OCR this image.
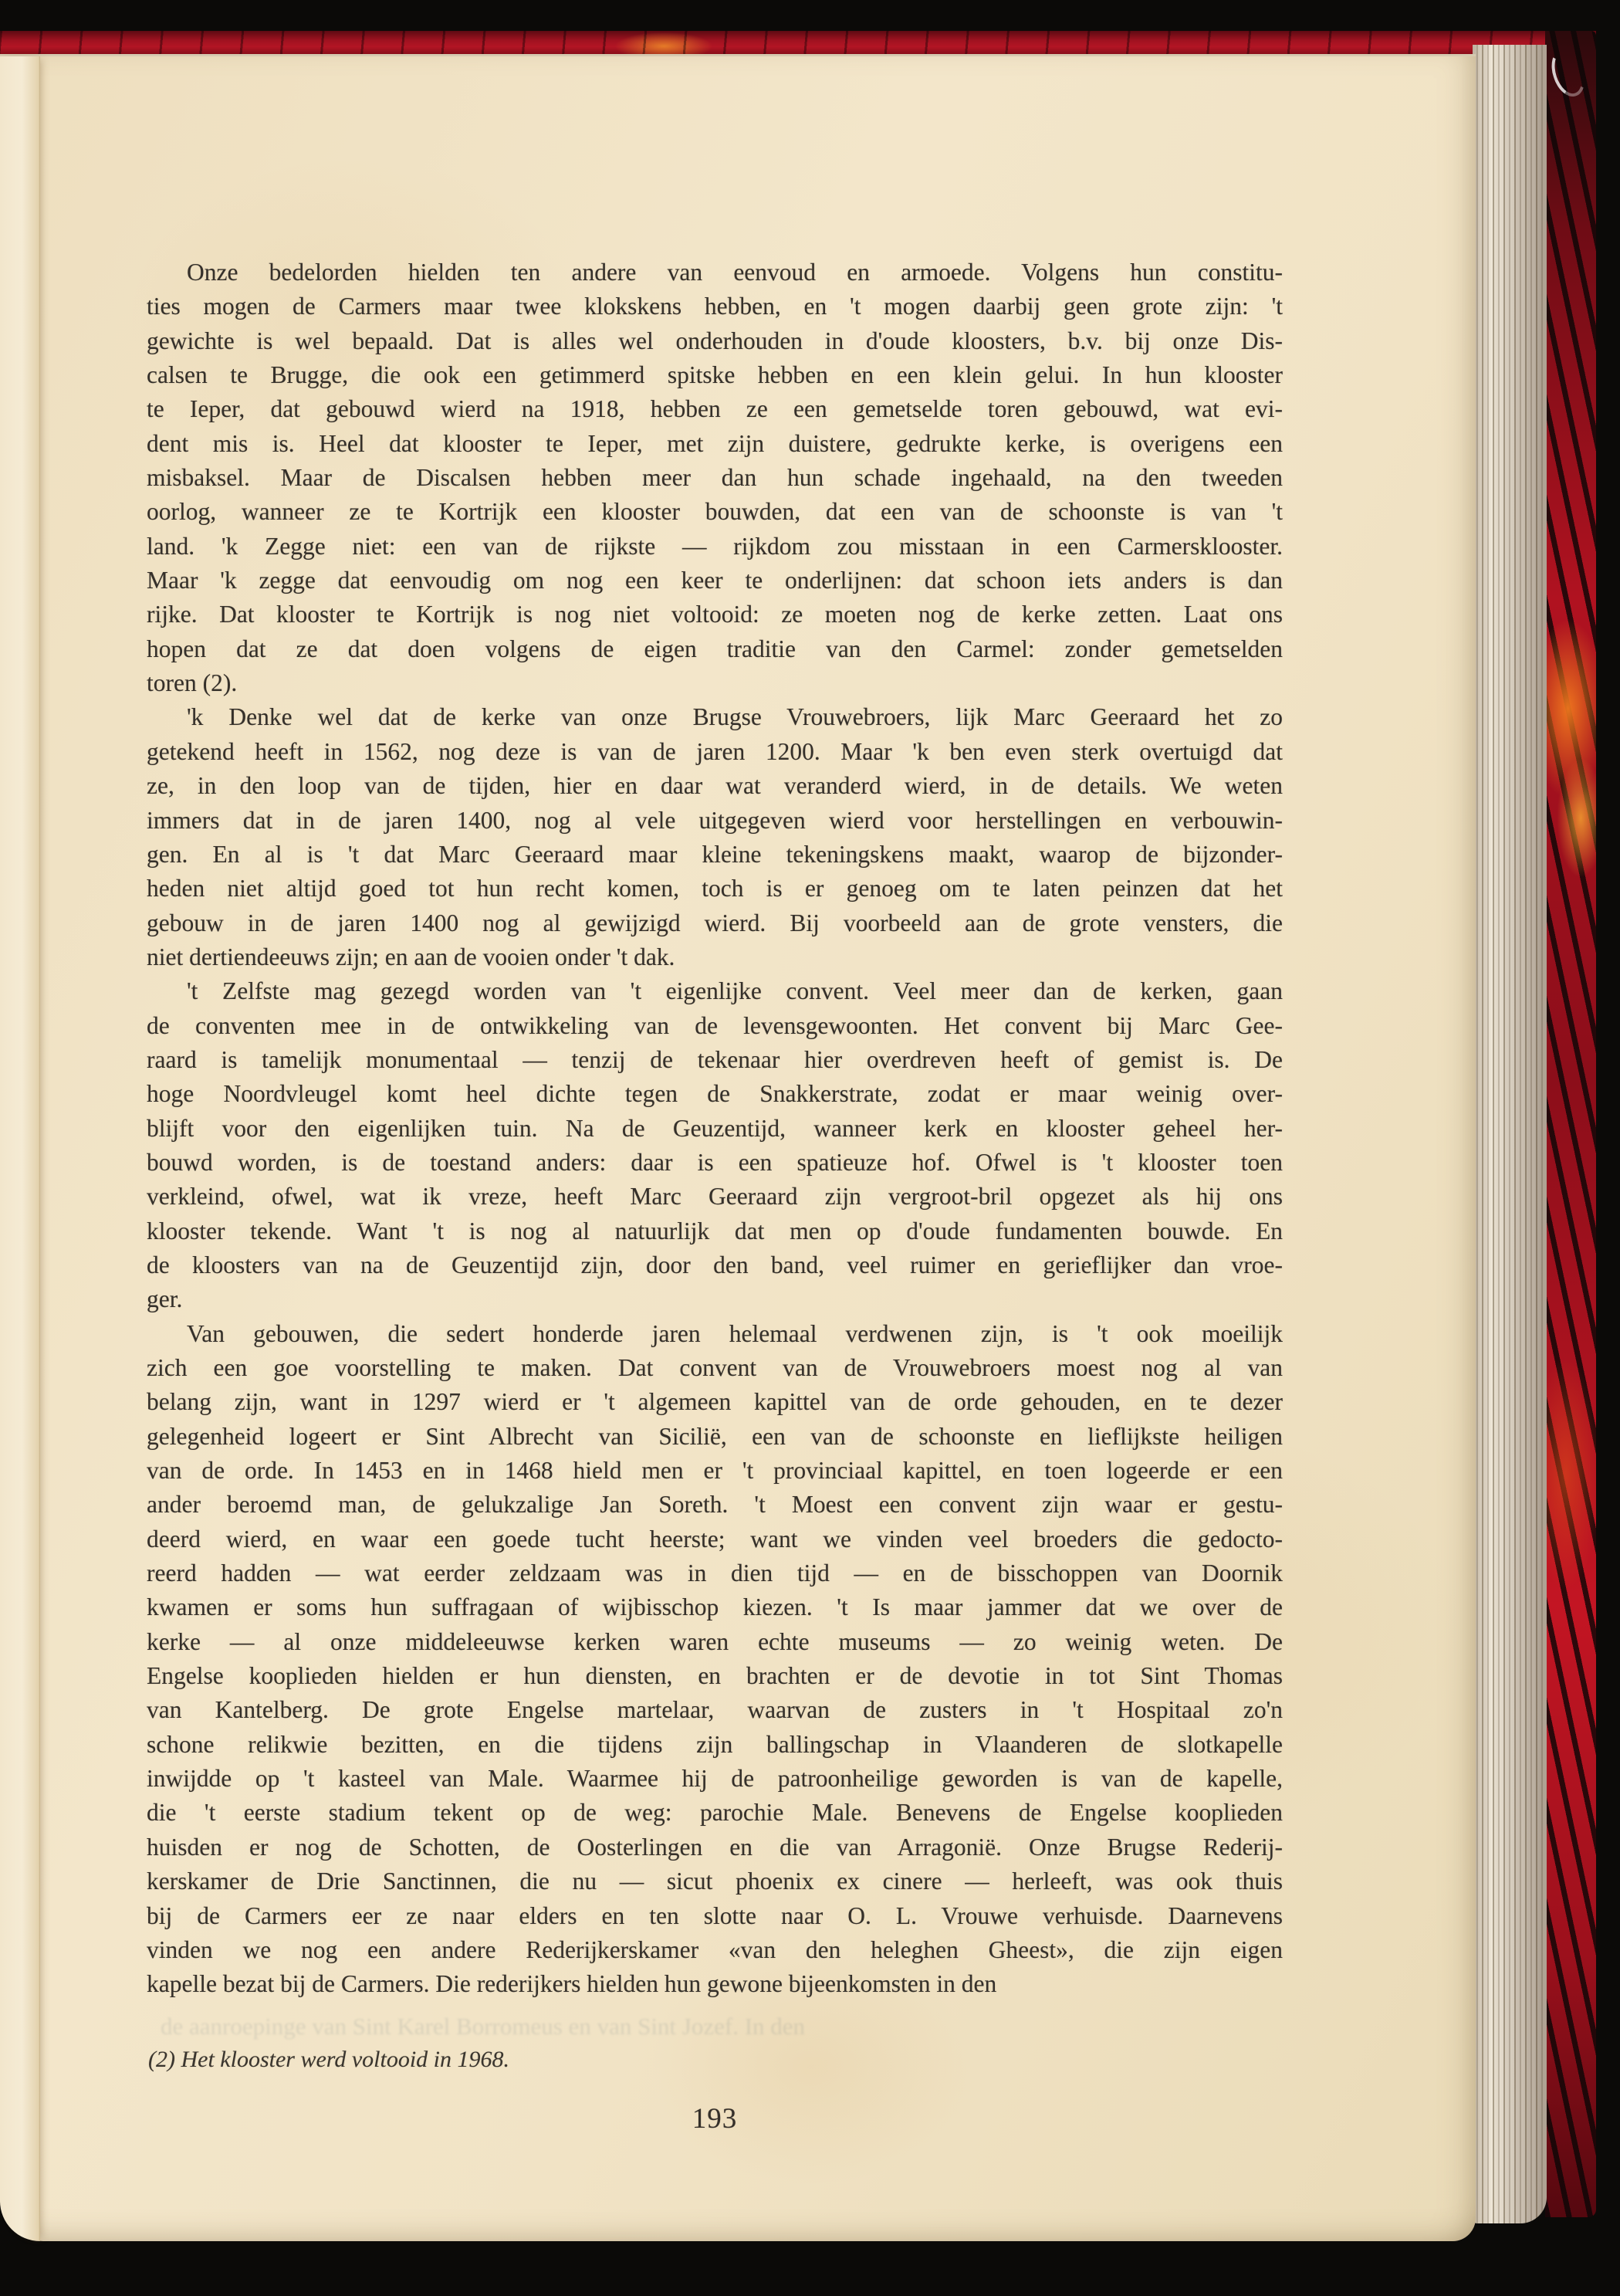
Onze bedelorden hielden ten andere van eenvoud en armoede. Volgens hun constitu-
ties mogen de Carmers maar twee klokskens hebben, en 't mogen daarbij geen grote zijn: 't
gewichte is wel bepaald. Dat is alles wel onderhouden in d'oude kloosters, b.v. bij onze Dis-
calsen te Brugge, die ook een getimmerd spitske hebben en een klein gelui. In hun klooster
te Ieper, dat gebouwd wierd na 1918, hebben ze een gemetselde toren gebouwd, wat evi-
dent mis is. Heel dat klooster te Ieper, met zijn duistere, gedrukte kerke, is overigens een
misbaksel. Maar de Discalsen hebben meer dan hun schade ingehaald, na den tweeden
oorlog, wanneer ze te Kortrijk een klooster bouwden, dat een van de schoonste is van 't
land. 'k Zegge niet: een van de rijkste — rijkdom zou misstaan in een Carmersklooster.
Maar 'k zegge dat eenvoudig om nog een keer te onderlijnen: dat schoon iets anders is dan
rijke. Dat klooster te Kortrijk is nog niet voltooid: ze moeten nog de kerke zetten. Laat ons
hopen dat ze dat doen volgens de eigen traditie van den Carmel: zonder gemetselden
toren (2).
'k Denke wel dat de kerke van onze Brugse Vrouwebroers, lijk Marc Geeraard het zo
getekend heeft in 1562, nog deze is van de jaren 1200. Maar 'k ben even sterk overtuigd dat
ze, in den loop van de tijden, hier en daar wat veranderd wierd, in de details. We weten
immers dat in de jaren 1400, nog al vele uitgegeven wierd voor herstellingen en verbouwin-
gen. En al is 't dat Marc Geeraard maar kleine tekeningskens maakt, waarop de bijzonder-
heden niet altijd goed tot hun recht komen, toch is er genoeg om te laten peinzen dat het
gebouw in de jaren 1400 nog al gewijzigd wierd. Bij voorbeeld aan de grote vensters, die
niet dertiendeeuws zijn; en aan de vooien onder 't dak.
't Zelfste mag gezegd worden van 't eigenlijke convent. Veel meer dan de kerken, gaan
de conventen mee in de ontwikkeling van de levensgewoonten. Het convent bij Marc Gee-
raard is tamelijk monumentaal — tenzij de tekenaar hier overdreven heeft of gemist is. De
hoge Noordvleugel komt heel dichte tegen de Snakkerstrate, zodat er maar weinig over-
blijft voor den eigenlijken tuin. Na de Geuzentijd, wanneer kerk en klooster geheel her-
bouwd worden, is de toestand anders: daar is een spatieuze hof. Ofwel is 't klooster toen
verkleind, ofwel, wat ik vreze, heeft Marc Geeraard zijn vergroot-bril opgezet als hij ons
klooster tekende. Want 't is nog al natuurlijk dat men op d'oude fundamenten bouwde. En
de kloosters van na de Geuzentijd zijn, door den band, veel ruimer en gerieflijker dan vroe-
ger.
Van gebouwen, die sedert honderde jaren helemaal verdwenen zijn, is 't ook moeilijk
zich een goe voorstelling te maken. Dat convent van de Vrouwebroers moest nog al van
belang zijn, want in 1297 wierd er 't algemeen kapittel van de orde gehouden, en te dezer
gelegenheid logeert er Sint Albrecht van Sicilië, een van de schoonste en lieflijkste heiligen
van de orde. In 1453 en in 1468 hield men er 't provinciaal kapittel, en toen logeerde er een
ander beroemd man, de gelukzalige Jan Soreth. 't Moest een convent zijn waar er gestu-
deerd wierd, en waar een goede tucht heerste; want we vinden veel broeders die gedocto-
reerd hadden — wat eerder zeldzaam was in dien tijd — en de bisschoppen van Doornik
kwamen er soms hun suffragaan of wijbisschop kiezen. 't Is maar jammer dat we over de
kerke — al onze middeleeuwse kerken waren echte museums — zo weinig weten. De
Engelse kooplieden hielden er hun diensten, en brachten er de devotie in tot Sint Thomas
van Kantelberg. De grote Engelse martelaar, waarvan de zusters in 't Hospitaal zo'n
schone relikwie bezitten, en die tijdens zijn ballingschap in Vlaanderen de slotkapelle
inwijdde op 't kasteel van Male. Waarmee hij de patroonheilige geworden is van de kapelle,
die 't eerste stadium tekent op de weg: parochie Male. Benevens de Engelse kooplieden
huisden er nog de Schotten, de Oosterlingen en die van Arragonië. Onze Brugse Rederij-
kerskamer de Drie Sanctinnen, die nu — sicut phoenix ex cinere — herleeft, was ook thuis
bij de Carmers eer ze naar elders en ten slotte naar O. L. Vrouwe verhuisde. Daarnevens
vinden we nog een andere Rederijkerskamer «van den heleghen Gheest», die zijn eigen
kapelle bezat bij de Carmers. Die rederijkers hielden hun gewone bijeenkomsten in den
de aanroepinge van Sint Karel Borromeus en van Sint Jozef. In den
(2) Het klooster werd voltooid in 1968.
193
